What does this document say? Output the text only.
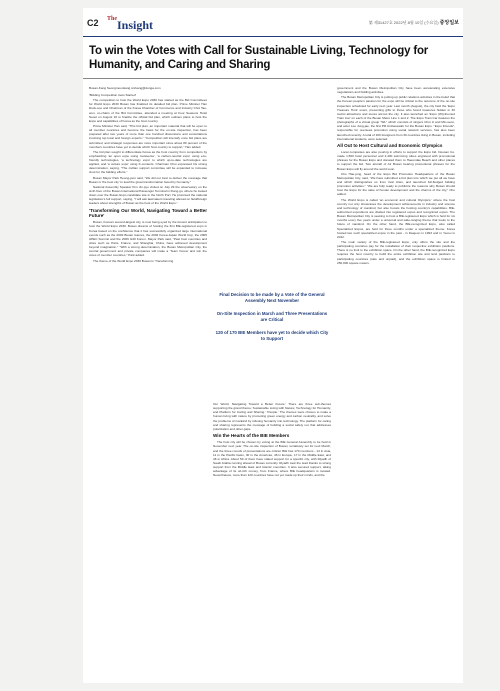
C2 $^{The}$Insight	第 제31427호 2022년 8월 10일 (수요일) 중앙일보
To win the Votes with Call for Sustainable Living, Technology for Humanity, and Caring and Sharing
Busan-Kang Seongmoonkang snrkang@donga.com

'Bidding Competition Gets Started'

The competition to host the World Expo 2030 has started as the Bid Committees for World Expo 2030 Busan has finalized its detailed bid plan. Prime Minister Han Duck-soo and Chairman of the Korea Chamber of Commerce and Industry Choi Tae-won, co-chairs of the Bid Committee, attended a meeting at Four Seasons Hotel Seoul on August 10 to finalize the official bid plan, which outlines plans to host the Expo and capabilities of Korea as the host country.

Prime Minister Han said, "This bid plan, an important material that will be open to all member countries and become the basis for the on-site inspection, has been prepared after two years of more than one hundred discussions and consultations involving top local and foreign experts." "Competition will intensify once bid plans are submitted, and strategic responses are more important since about 80 percent of the members countries have yet to decide which host country to support," Han added.

The bid plan sought to differentiate Korea as the host country from competitors by emphasizing 'an open expo using metaverse', 'a carbon-neutral expo' using eco-friendly technologies, 'a technology expo' to which up-to-date technologies are applied, and 'a culture expo' using K-contents. Chairman Choi expressed his strong determination, saying, "The civilian support committee will be expanded to increase clout for the bidding efforts."

Busan Mayor Park Heong-joon said, "We did our best to deliver the message that Busan is 'the best city' to lead the great transformation faced by humanity."

National Assembly Speaker Kim Jin-pyo visited on July 29 the observatory on the sixth floor of the Busan International Passenger Terminal in Dong-gu, where he looked down over the Busan Expo candidate site in the North Port. He promised the national legislature's full support, saying, "I will ask lawmakers traveling abroad on field/foreign leaders about strengths of Busan as the host of the World Expo."

'Transforming Our World, Navigating Toward a Better Future'

Busan, Korea's second-largest city, is now being eyed by the fervent anticipation to host the World Expo 2030. Busan dreams of hosting the first BIE-registered expo in Korea based on the confidence that it has successfully organized large international events such as the 2002 Busan Games, the 2002 Korea-Japan World Cup, the 2005 APEC Summit and the 2006 G20 Forum. Mayor Park said, "Past host countries and cities such as Paris, France; and Shanghai, China, have achieved development beyond imagination." "With a strong determination, the Busan Metropolitan City, the central government and private companies will make a 'Team Korea' and win the votes of member countries," Park added.

The theme of the World Expo 2030 Busan is 'Transforming

Final Decision to be made by a Vote of the General Assembly Next November
On-Site Inspection in March and Three Presentations are Critical
120 of 170 BIE Members have yet to decide which City to Support

Our World, Navigating Toward a Better Future.' There are three sub-themes supporting the grand theme: Sustainable Living with Nature; Technology for Humanity; and Platform for Caring and Sharing.' 'People.' The themes were chosen to make a human living with nature by promoting green energy and carbon neutrality, and solve the problems of mankind by infusing humanity into technology. The platform for caring and sharing represents the message of building a social safety net that addresses polarization and other gaps.

Win the Hearts of the BIE Members

The host city will be chosen by voting at the BIE General Assembly to be held in November next year. The on-site inspection of Busan, tentatively set for next March, and the three rounds of presentations are critical. BIE has 170 members - 13 in Asia, 11 in the Pacific basin, 30 in the Americas, 48 in Europe, 17 in the Middle East, and 46 in Africa. About 50 of them have stated support for a specific city, with Riyadh of Saudi Arabia running ahead of Busan currently. Riyadh took the lead thanks to strong support from the Middle East and Islamic countries. It also secured support, taking advantage of its oil-rich money, from France, where BIE headquarters is located. Nevertheless, more than 120 countries have not yet made up their minds, and the

government and the Busan Metropolitan City have been accelerating extensive negotiations and bidding activities.

The Busan Metropolitan City is putting up public relations activities in the belief that the Korean people's passion for the expo will be critical to the outcome of the on-site inspection scheduled for early next year. Last month (August), the city held the 'Expo Treasure Hunt' event, presenting gifts to those who found treasures hidden in 30 tourist attractions and stores across the city. It also launched an 'Expo (Wi)-themed Train Car' on each of the Busan Metro Line 1 and 2. The Expo Train Car features the photographs of a virtual group "WL" which consists of singers Choi Ji and Min-seon, and actor Lee Jung-jae, the first PR Ambassador for the Busan Expo. "Expo Friends", responsible for overseas promotion using social network services, has also been launched recently. A total of 100 foreigners from 30 countries living in Busan, including international students, were selected.

All Out to Host Cultural and Economic Olympics

Local companies are also pouring in efforts to support the Expo bid. Doosan Co. made 1,500 hotel personnel and 2,400 swimming tubes engraved with promotional phrases for the Busan Expo and donated them to Haeundae Beach and other places to support the bid. Two aircraft of Air Busan bearing promotional phrases for the Busan Expo will fly around the world soon.

Cho Hae-jong, head of the Expo Bid Promotion Headquarters of the Busan Metropolitan City, said, "We have submitted a bid plan into which we put all we have and which distinguishes us from rival cities, and launched full-fledged bidding promotion activities." "We are fully ready to publicize the reasons why Busan should host the Expo for the sake of human development and the charms of the city," Cho added.

The World Expo is called 'an economic and cultural Olympics,' where the host country not only showcases the development achievements in industry and science and technology of mankind, but also boosts the hosting country's capabilities. BIE-authorized expositions are divided into registered expos and recognized expos. The Busan Metropolitan City is seeking to host a BIE-registered Expo which is held for six months every five years under a universal and wide-ranging theme that looks to the future of mankind. On the other hand, the BIE-recognized Expo, also called Specialized Expos, are held for three months under a specialized theme. Korea hosted two such specialized expos in the past - in Daejeon in 1993 and in Yeosu in 2012.

The main variety of the BIE-registered Expo, only offers the site and the participating countries pay for the installation of their respective exhibition pavilions. There is no limit to the exhibition space. On the other hand, the BIE-recognized Expo requires the host country to build the entire exhibition site and lend pavilions to participating countries (sale and unpaid), and the exhibition space is limited to 250,000 square meters.
